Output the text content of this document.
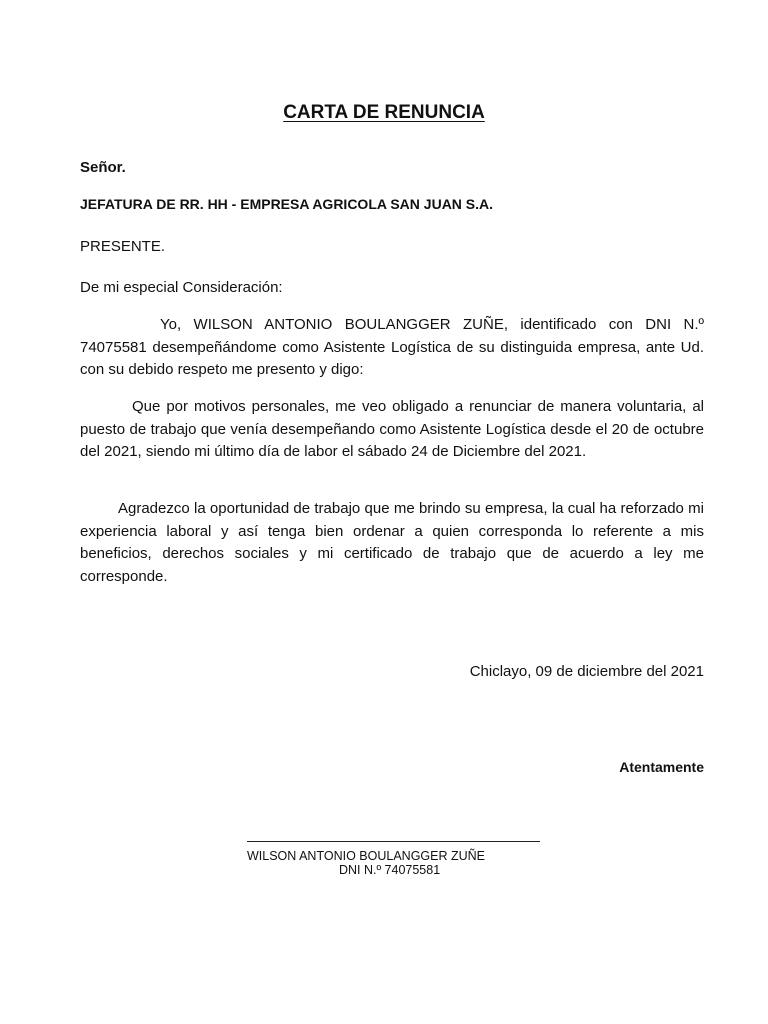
CARTA DE RENUNCIA
Señor.
JEFATURA DE RR. HH - EMPRESA AGRICOLA SAN JUAN S.A.
PRESENTE.
De mi especial Consideración:
Yo, WILSON ANTONIO BOULANGGER ZUÑE, identificado con DNI N.º 74075581 desempeñándome como Asistente Logística de su distinguida empresa, ante Ud. con su debido respeto me presento y digo:
Que por motivos personales, me veo obligado a renunciar de manera voluntaria, al puesto de trabajo que venía desempeñando como Asistente Logística desde el 20 de octubre del 2021, siendo mi último día de labor el sábado 24 de Diciembre del 2021.
Agradezco la oportunidad de trabajo que me brindo su empresa, la cual ha reforzado mi experiencia laboral y así tenga bien ordenar a quien corresponda lo referente a mis beneficios, derechos sociales y mi certificado de trabajo que de acuerdo a ley me corresponde.
Chiclayo, 09 de diciembre del 2021
Atentamente
WILSON ANTONIO BOULANGGER ZUÑE
DNI N.º 74075581
